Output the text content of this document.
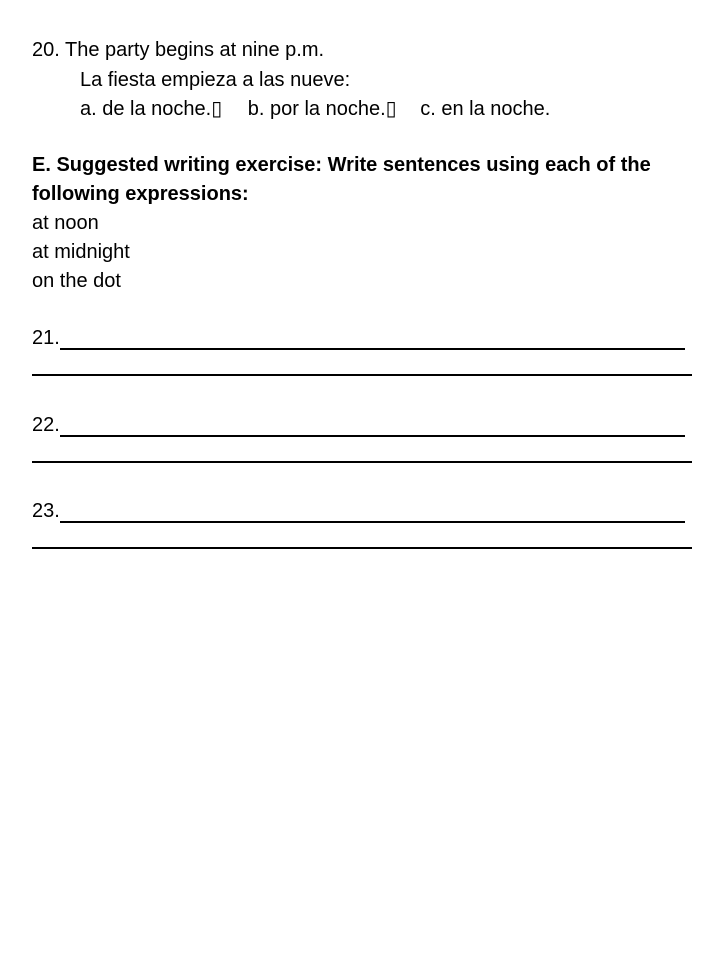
20. The party begins at nine p.m.
La fiesta empieza a las nueve:
a. de la noche.▯ b. por la noche.▯ c. en la noche.
E. Suggested writing exercise: Write sentences using each of the
following expressions:
at noon
at midnight
on the dot
21.
22.
23.
